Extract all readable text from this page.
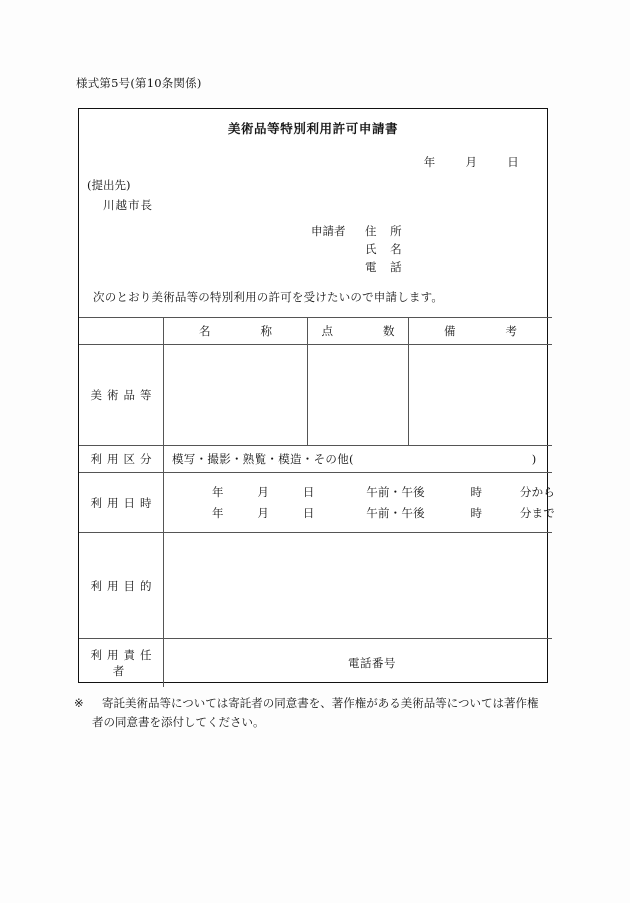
様式第5号(第10条関係)
美術品等特別利用許可申請書
年	月	日
(提出先)
川越市長
申請者 住 所
氏 名
電 話
次のとおり美術品等の特別利用の許可を受けたいので申請します。
	名　　称	点　　数	備　　考
美術品等			
利用区分	模写・撮影・熟覧・模造・その他( )		

利用日時	年 月 日 午前・午後 時 分から
年 月 日 午前・午後 時 分まで		

利用目的			
利用責任者	電話番号		
※ 寄託美術品等については寄託者の同意書を、著作権がある美術品等については著作権
者の同意書を添付してください。
